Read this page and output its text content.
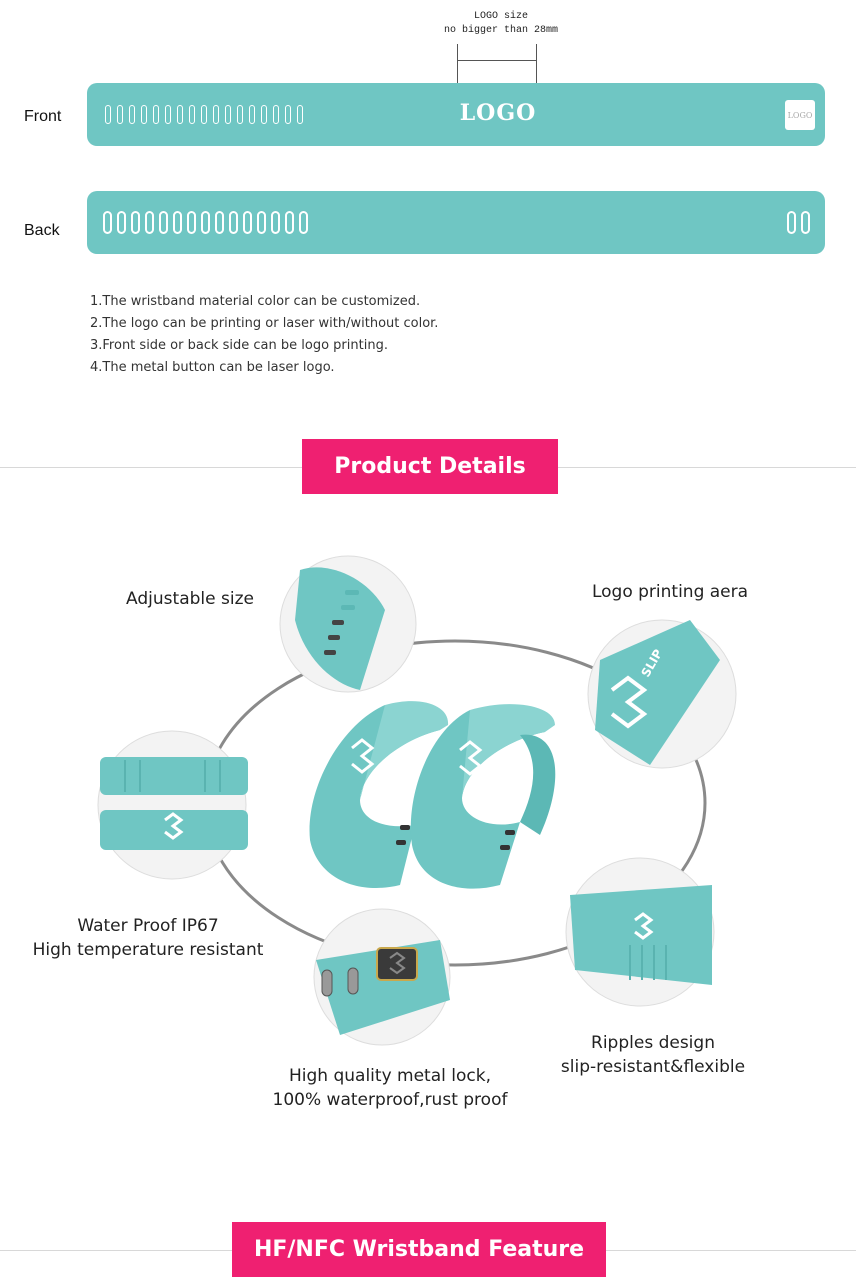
LOGO size
no bigger than 28mm
Front	LOGO	LOGO
Back
1.The wristband material color can be customized.
2.The logo can be printing or laser with/without color.
3.Front side or back side can be logo printing.
4.The metal button can be laser logo.
Product Details
SLIP
Adjustable size	Logo printing aera
Water Proof IP67
High temperature resistant
High quality metal lock,
100% waterproof,rust proof
Ripples design
slip-resistant&flexible
HF/NFC Wristband Feature
